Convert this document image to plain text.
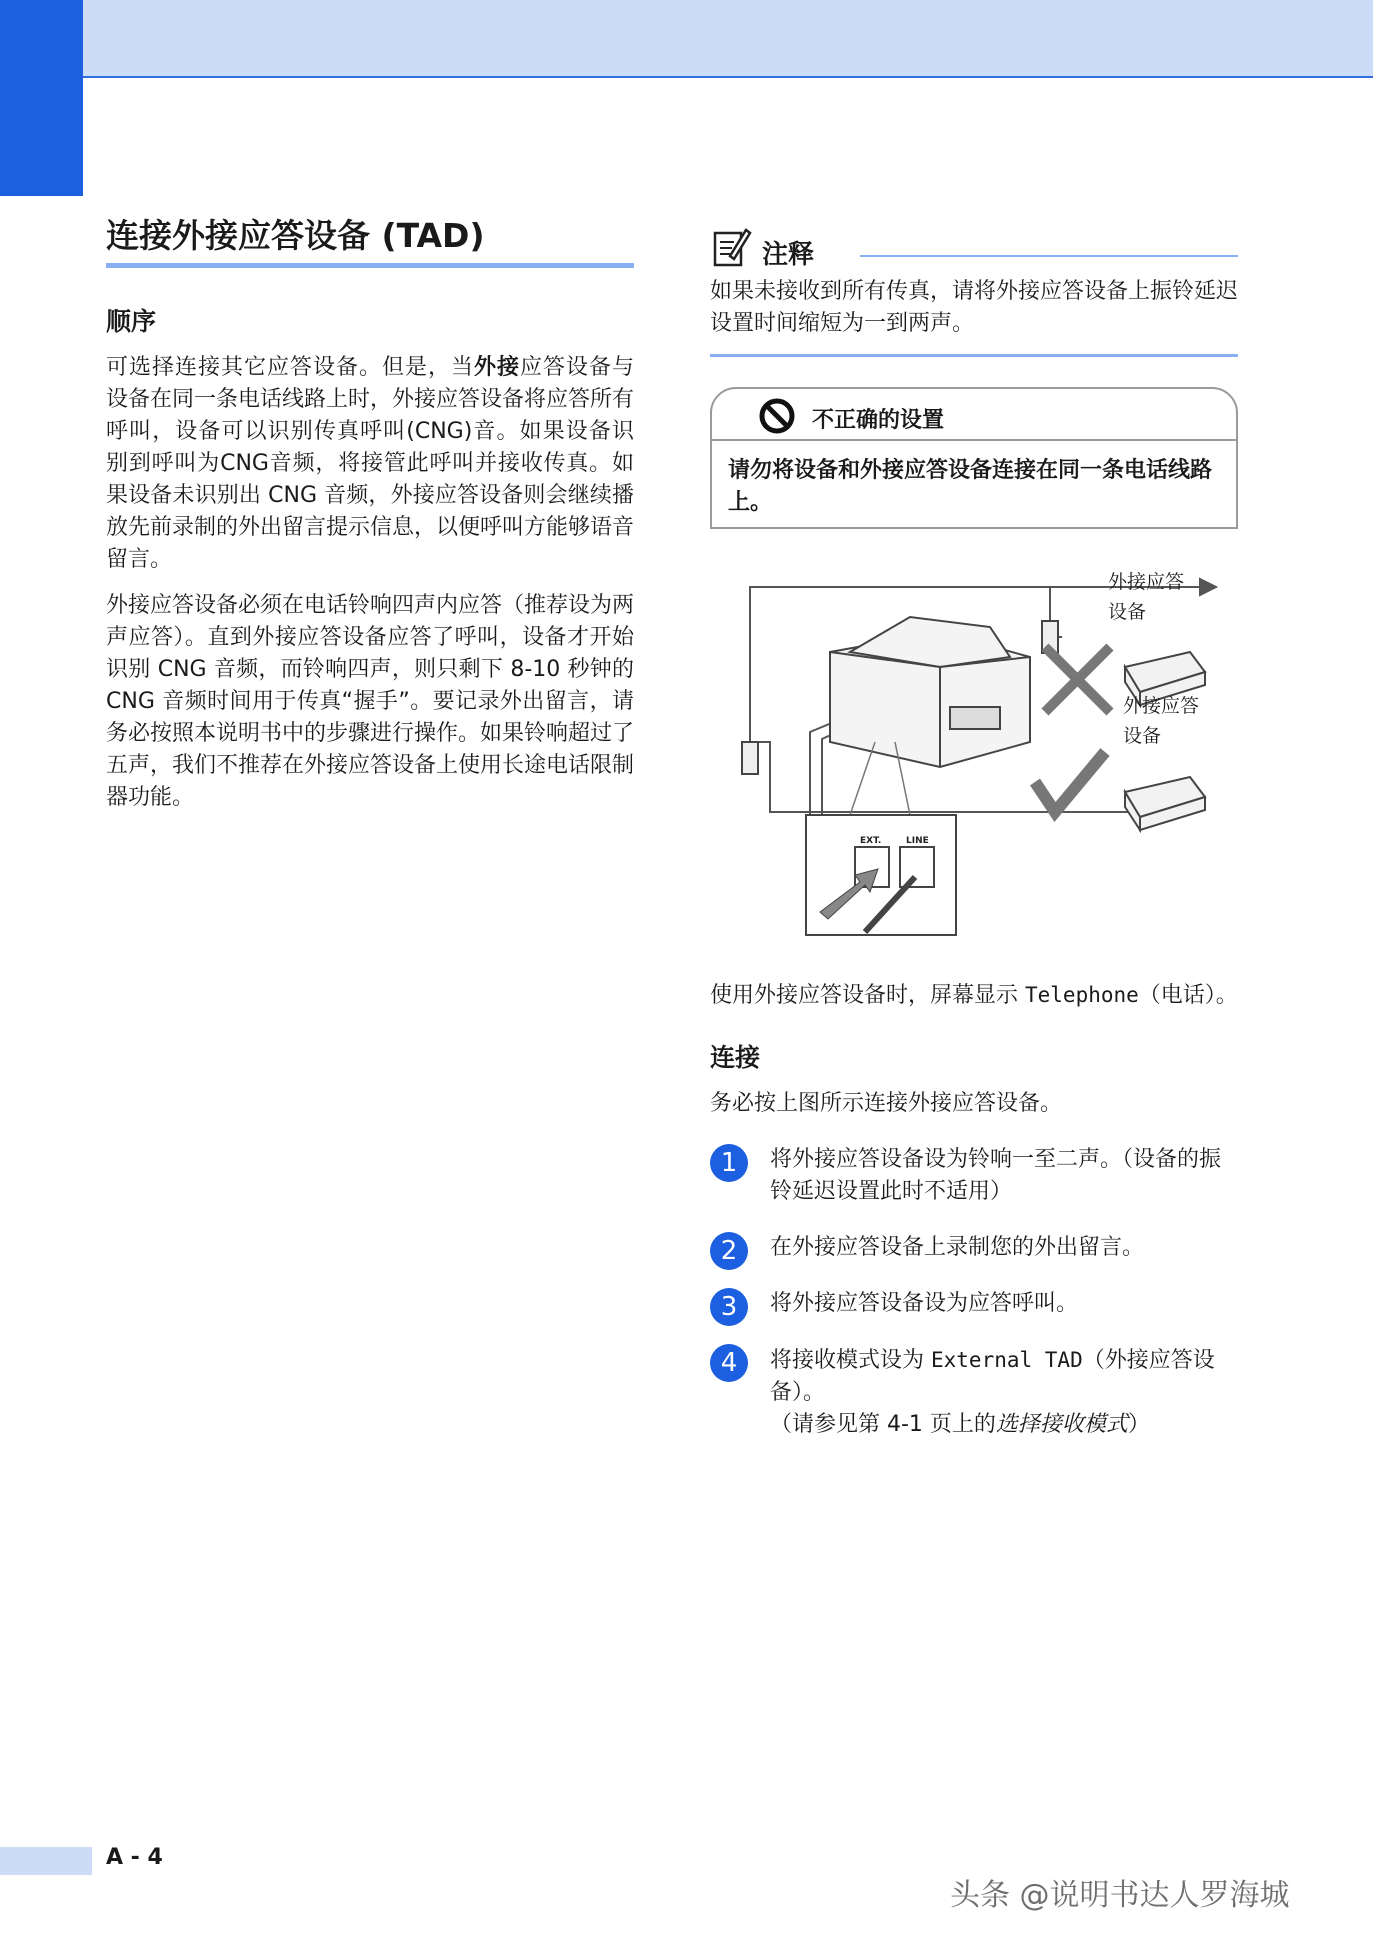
连接外接应答设备 (TAD)
顺序

可选择连接其它应答设备。但是，当外接应答设备与设备在同一条电话线路上时，外接应答设备将应答所有呼叫，设备可以识别传真呼叫(CNG)音。如果设备识别到呼叫为CNG音频，将接管此呼叫并接收传真。如果设备未识别出 CNG 音频，外接应答设备则会继续播放先前录制的外出留言提示信息，以便呼叫方能够语音留言。

外接应答设备必须在电话铃响四声内应答（推荐设为两声应答）。直到外接应答设备应答了呼叫，设备才开始识别 CNG 音频，而铃响四声，则只剩下 8-10 秒钟的 CNG 音频时间用于传真“握手”。要记录外出留言，请务必按照本说明书中的步骤进行操作。如果铃响超过了五声，我们不推荐在外接应答设备上使用长途电话限制器功能。

注释

如果未接收到所有传真，请将外接应答设备上振铃延迟设置时间缩短为一到两声。

不正确的设置
请勿将设备和外接应答设备连接在同一条电话线路上。
EXT.	LINE
外接应答设备
外接应答设备

使用外接应答设备时，屏幕显示 Telephone（电话）。

连接

务必按上图所示连接外接应答设备。

1	将外接应答设备设为铃响一至二声。（设备的振铃延迟设置此时不适用）
2	在外接应答设备上录制您的外出留言。
3	将外接应答设备设为应答呼叫。
4	将接收模式设为 External TAD（外接应答设备）。
（请参见第 4-1 页上的选择接收模式）
A - 4
头条 @说明书达人罗海城
